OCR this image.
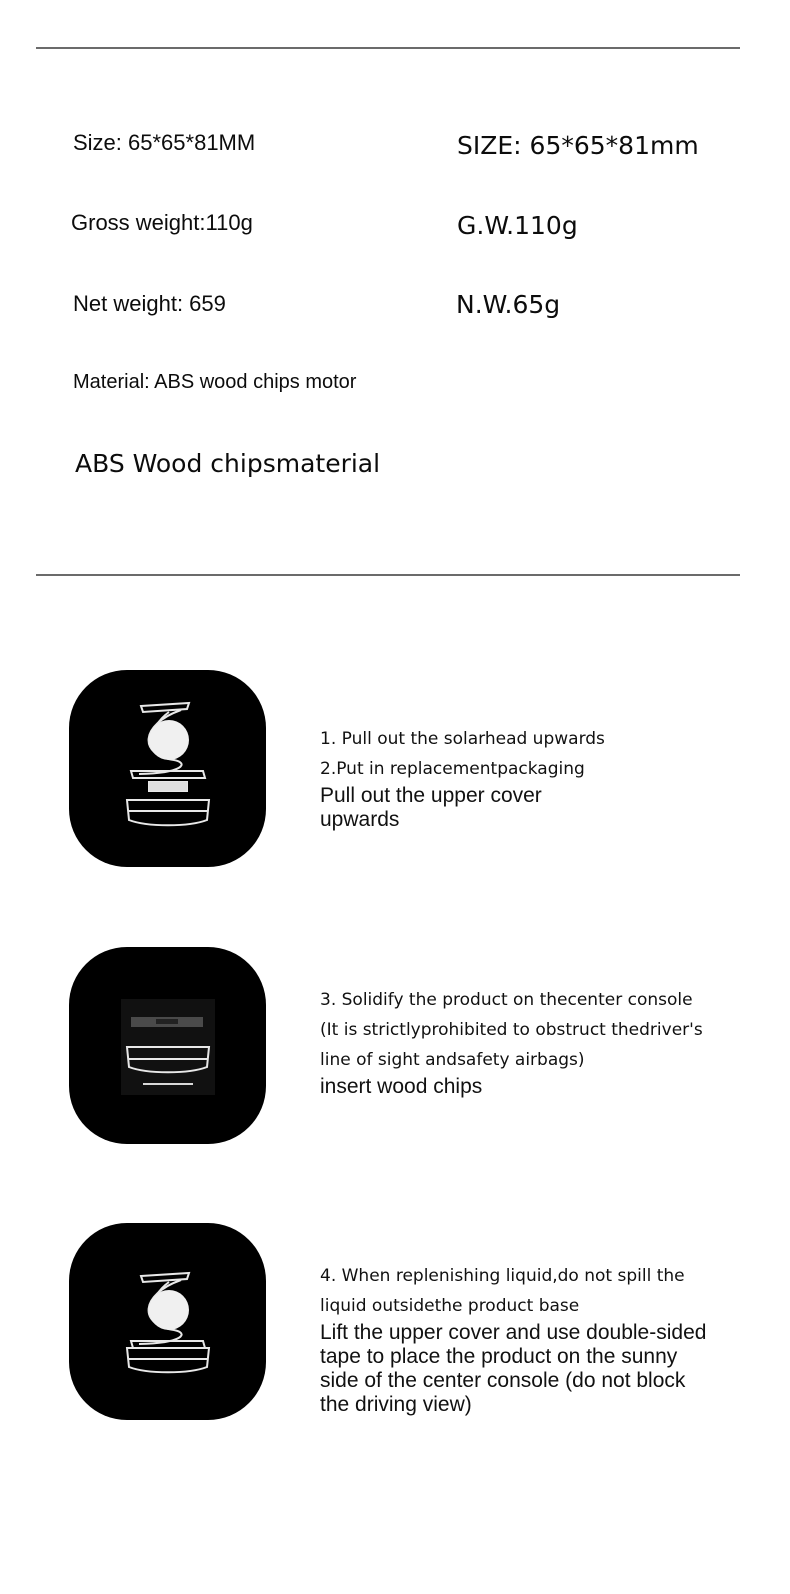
Size: 65*65*81MM	SIZE: 65*65*81mm
Gross weight:110g	G.W.110g
Net weight: 659	N.W.65g
Material: ABS wood chips motor
ABS Wood chipsmaterial
1. Pull out the solarhead upwards
2.Put in replacementpackaging
Pull out the upper cover upwards
3. Solidify the product on thecenter console
(It is strictlyprohibited to obstruct thedriver's
line of sight andsafety airbags)
insert wood chips
4. When replenishing liquid,do not spill the
liquid outsidethe product base
Lift the upper cover and use double-sided tape to place the product on the sunny side of the center console (do not block the driving view)
